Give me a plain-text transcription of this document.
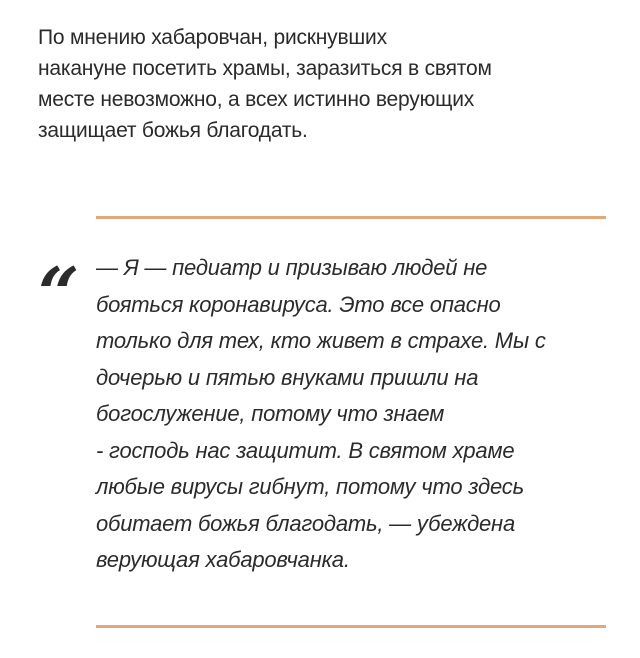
По мнению хабаровчан, рискнувших
накануне посетить храмы, заразиться в святом
месте невозможно, а всех истинно верующих
защищает божья благодать.
“ — Я — педиатр и призываю людей не
бояться коронавируса. Это все опасно
только для тех, кто живет в страхе. Мы с
дочерью и пятью внуками пришли на
богослужение, потому что знаем
- господь нас защитит. В святом храме
любые вирусы гибнут, потому что здесь
обитает божья благодать, — убеждена
верующая хабаровчанка.
